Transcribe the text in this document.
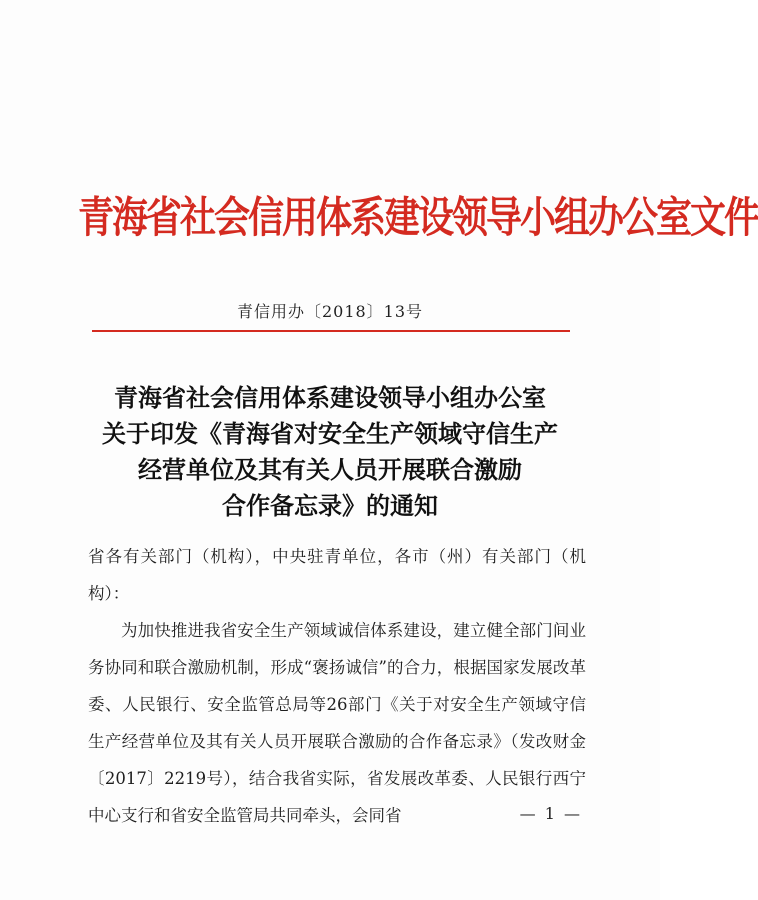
青海省社会信用体系建设领导小组办公室文件
青信用办〔2018〕13号
青海省社会信用体系建设领导小组办公室
关于印发《青海省对安全生产领域守信生产
经营单位及其有关人员开展联合激励
合作备忘录》的通知
省各有关部门（机构），中央驻青单位，各市（州）有关部门（机构）：
为加快推进我省安全生产领域诚信体系建设，建立健全部门间业务协同和联合激励机制，形成“褒扬诚信”的合力，根据国家发展改革委、人民银行、安全监管总局等26部门《关于对安全生产领域守信生产经营单位及其有关人员开展联合激励的合作备忘录》（发改财金〔2017〕2219号），结合我省实际，省发展改革委、人民银行西宁中心支行和省安全监管局共同牵头，会同省	— 1 —
